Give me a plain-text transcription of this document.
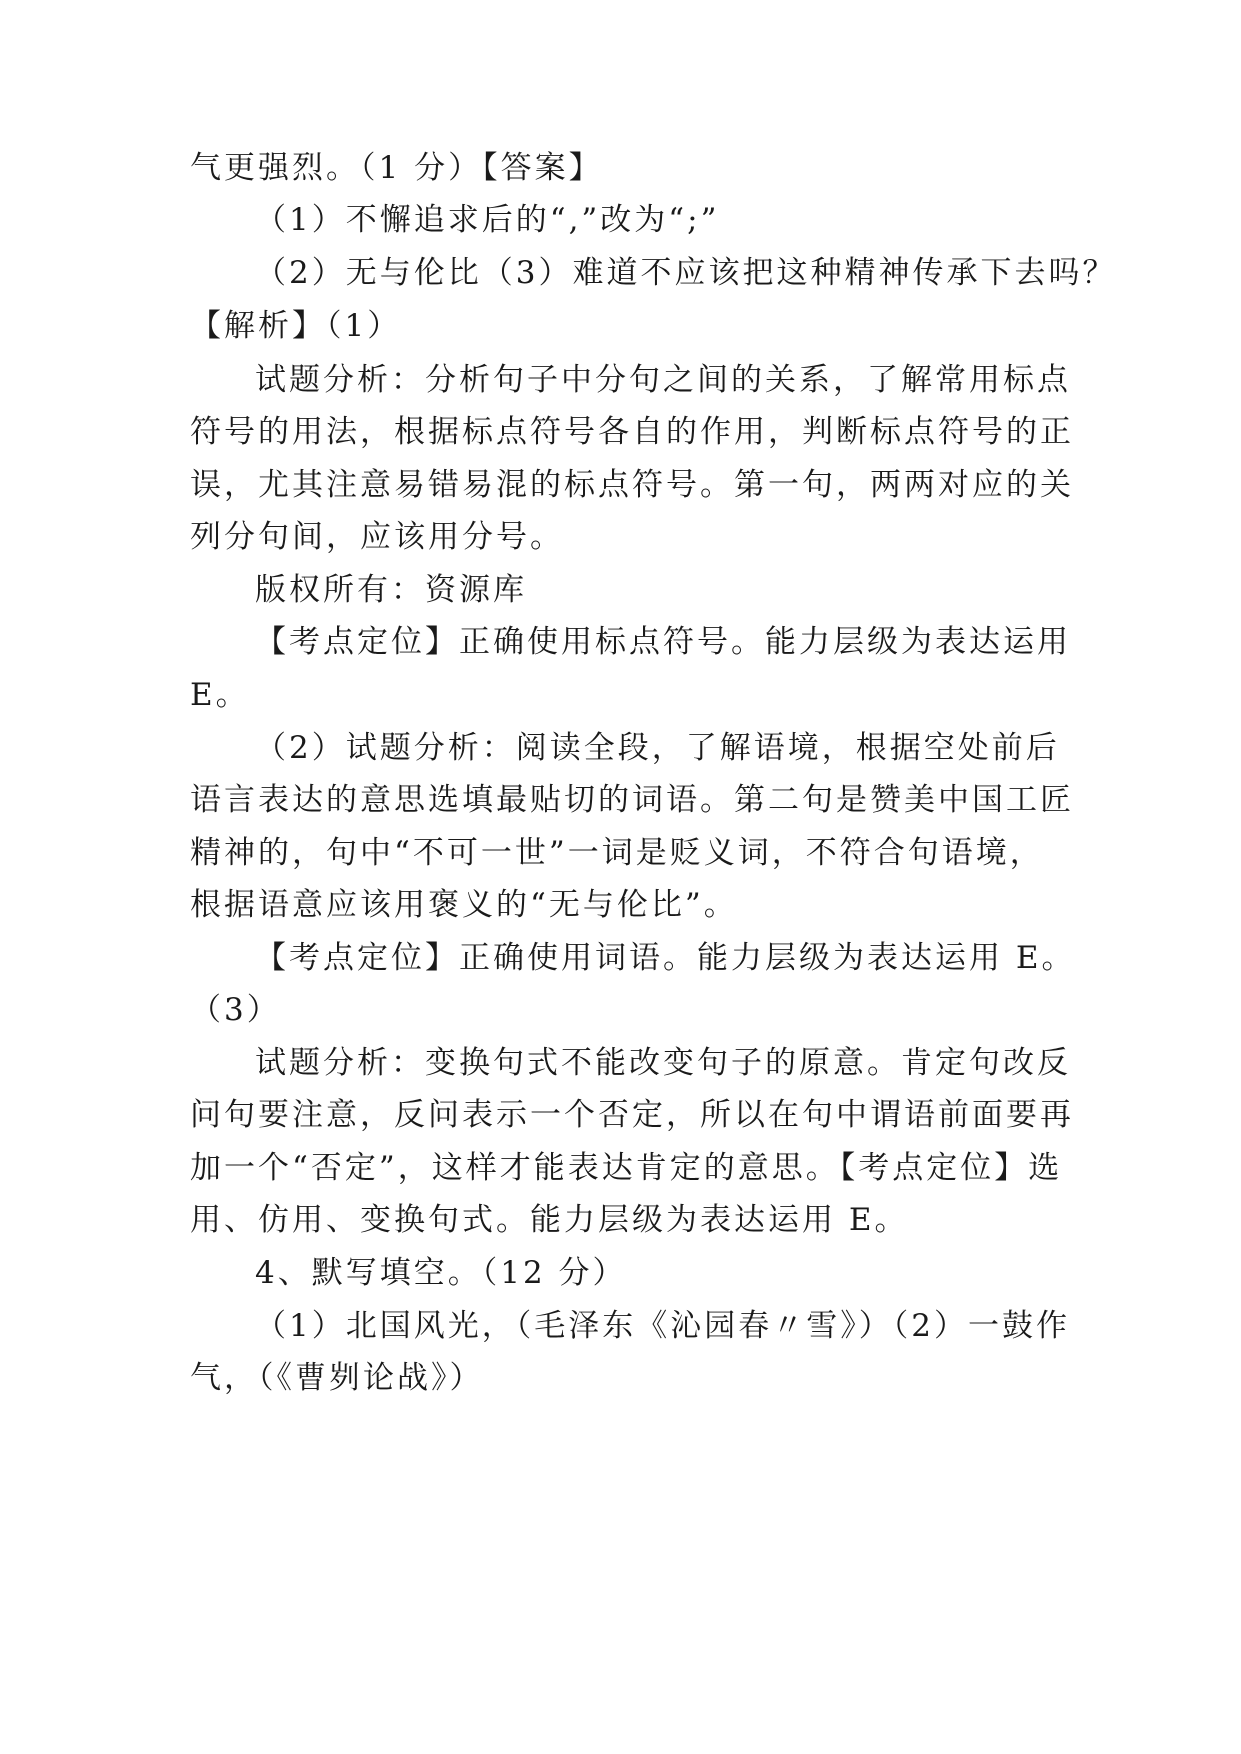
气更强烈。（1 分）【答案】
（1）不懈追求后的“,”改为“;”
（2）无与伦比（3）难道不应该把这种精神传承下去吗？
【解析】（1）
试题分析：分析句子中分句之间的关系，了解常用标点
符号的用法，根据标点符号各自的作用，判断标点符号的正
误，尤其注意易错易混的标点符号。第一句，两两对应的关
列分句间，应该用分号。
版权所有：资源库
【考点定位】正确使用标点符号。能力层级为表达运用
E。
（2）试题分析：阅读全段，了解语境，根据空处前后
语言表达的意思选填最贴切的词语。第二句是赞美中国工匠
精神的，句中“不可一世”一词是贬义词，不符合句语境，
根据语意应该用褒义的“无与伦比”。
【考点定位】正确使用词语。能力层级为表达运用 E。
（3）
试题分析：变换句式不能改变句子的原意。肯定句改反
问句要注意，反问表示一个否定，所以在句中谓语前面要再
加一个“否定”，这样才能表达肯定的意思。【考点定位】选
用、仿用、变换句式。能力层级为表达运用 E。
4、默写填空。（12 分）
（1）北国风光，（毛泽东《沁园春〃雪》）（2）一鼓作
气，（《曹刿论战》）
